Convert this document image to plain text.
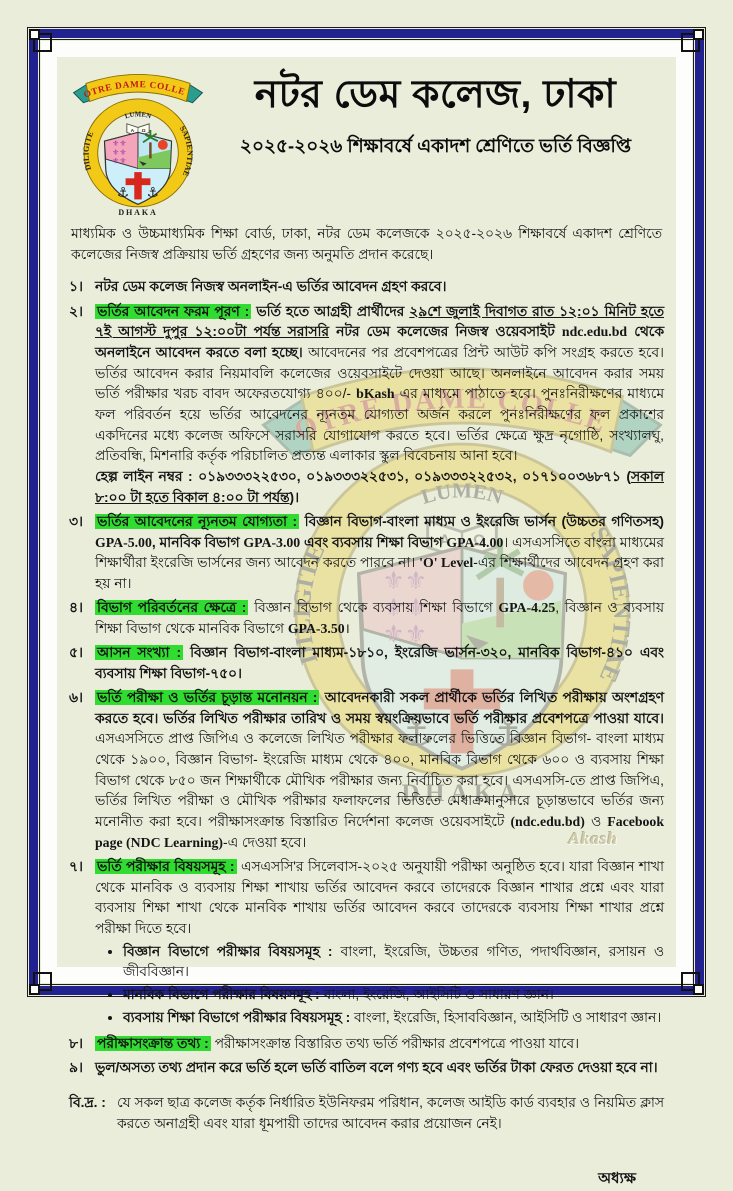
নটর ডেম কলেজ, ঢাকা
২০২৫-২০২৬ শিক্ষাবর্ষে একাদশ শ্রেণিতে ভর্তি বিজ্ঞপ্তি
মাধ্যমিক ও উচ্চমাধ্যমিক শিক্ষা বোর্ড, ঢাকা, নটর ডেম কলেজকে ২০২৫-২০২৬ শিক্ষাবর্ষে একাদশ শ্রেণিতে কলেজের নিজস্ব প্রক্রিয়ায় ভর্তি গ্রহণের জন্য অনুমতি প্রদান করেছে।
১। নটর ডেম কলেজ নিজস্ব অনলাইন-এ ভর্তির আবেদন গ্রহণ করবে।
২।	ভর্তির আবেদন ফরম পূরণ : ভর্তি হতে আগ্রহী প্রার্থীদের ২৯শে জুলাই দিবাগত রাত ১২:০১ মিনিট হতে ৭ই আগস্ট দুপুর ১২:০০টা পর্যন্ত সরাসরি নটর ডেম কলেজের নিজস্ব ওয়েবসাইট ndc.edu.bd থেকে অনলাইনে আবেদন করতে বলা হচ্ছে। আবেদনের পর প্রবেশপত্রের প্রিন্ট আউট কপি সংগ্রহ করতে হবে। ভর্তির আবেদন করার নিয়মাবলি কলেজের ওয়েবসাইটে দেওয়া আছে। অনলাইনে আবেদন করার সময় ভর্তি পরীক্ষার খরচ বাবদ অফেরতযোগ্য ৪০০/- bKash এর মাধ্যমে পাঠাতে হবে। পুনঃনিরীক্ষণের মাধ্যমে ফল পরিবর্তন হয়ে ভর্তির আবেদনের ন্যূনতম যোগ্যতা অর্জন করলে পুনঃনিরীক্ষণের ফল প্রকাশের একদিনের মধ্যে কলেজ অফিসে সরাসরি যোগাযোগ করতে হবে। ভর্তির ক্ষেত্রে ক্ষুদ্র নৃগোষ্ঠি, সংখ্যালঘু, প্রতিবন্ধি, মিশনারি কর্তৃক পরিচালিত প্রত্যন্ত এলাকার স্কুল বিবেচনায় আনা হবে।
হেল্প লাইন নম্বর : ০১৯৩৩৩২২৫৩০, ০১৯৩৩৩২২৫৩১, ০১৯৩৩৩২২৫৩২, ০১৭১০০৩৬৮৭১ (সকাল ৮:০০ টা হতে বিকাল ৪:০০ টা পর্যন্ত)।
৩।	ভর্তির আবেদনের ন্যূনতম যোগ্যতা : বিজ্ঞান বিভাগ-বাংলা মাধ্যম ও ইংরেজি ভার্সন (উচ্চতর গণিতসহ) GPA-5.00, মানবিক বিভাগ GPA-3.00 এবং ব্যবসায় শিক্ষা বিভাগ GPA-4.00। এসএসসিতে বাংলা মাধ্যমের শিক্ষার্থীরা ইংরেজি ভার্সনের জন্য আবেদন করতে পারবে না। 'O' Level-এর শিক্ষার্থীদের আবেদন গ্রহণ করা হয় না।
৪।	বিভাগ পরিবর্তনের ক্ষেত্রে : বিজ্ঞান বিভাগ থেকে ব্যবসায় শিক্ষা বিভাগে GPA-4.25, বিজ্ঞান ও ব্যবসায় শিক্ষা বিভাগ থেকে মানবিক বিভাগে GPA-3.50।
৫।	আসন সংখ্যা : বিজ্ঞান বিভাগ-বাংলা মাধ্যম-১৮১০, ইংরেজি ভার্সন-৩২০, মানবিক বিভাগ-৪১০ এবং ব্যবসায় শিক্ষা বিভাগ-৭৫০।
৬।	ভর্তি পরীক্ষা ও ভর্তির চূড়ান্ত মনোনয়ন : আবেদনকারী সকল প্রার্থীকে ভর্তির লিখিত পরীক্ষায় অংশগ্রহণ করতে হবে। ভর্তির লিখিত পরীক্ষার তারিখ ও সময় স্বয়ংক্রিয়ভাবে ভর্তি পরীক্ষার প্রবেশপত্রে পাওয়া যাবে। এসএসসিতে প্রাপ্ত জিপিএ ও কলেজে লিখিত পরীক্ষার ফলাফলের ভিত্তিতে বিজ্ঞান বিভাগ- বাংলা মাধ্যম থেকে ১৯০০, বিজ্ঞান বিভাগ- ইংরেজি মাধ্যম থেকে ৪০০, মানবিক বিভাগ থেকে ৬০০ ও ব্যবসায় শিক্ষা বিভাগ থেকে ৮৫০ জন শিক্ষার্থীকে মৌখিক পরীক্ষার জন্য নির্বাচিত করা হবে। এসএসসি-তে প্রাপ্ত জিপিএ, ভর্তির লিখিত পরীক্ষা ও মৌখিক পরীক্ষার ফলাফলের ভিত্তিতে মেধাক্রমানুসারে চূড়ান্তভাবে ভর্তির জন্য মনোনীত করা হবে। পরীক্ষাসংক্রান্ত বিস্তারিত নির্দেশনা কলেজ ওয়েবসাইটে (ndc.edu.bd) ও Facebook page (NDC Learning)-এ দেওয়া হবে।
৭।	ভর্তি পরীক্ষার বিষয়সমূহ : এসএসসি'র সিলেবাস-২০২৫ অনুযায়ী পরীক্ষা অনুষ্ঠিত হবে। যারা বিজ্ঞান শাখা থেকে মানবিক ও ব্যবসায় শিক্ষা শাখায় ভর্তির আবেদন করবে তাদেরকে বিজ্ঞান শাখার প্রশ্নে এবং যারা ব্যবসায় শিক্ষা শাখা থেকে মানবিক শাখায় ভর্তির আবেদন করবে তাদেরকে ব্যবসায় শিক্ষা শাখার প্রশ্নে পরীক্ষা দিতে হবে।
• বিজ্ঞান বিভাগে পরীক্ষার বিষয়সমূহ : বাংলা, ইংরেজি, উচ্চতর গণিত, পদার্থবিজ্ঞান, রসায়ন ও জীববিজ্ঞান।
• মানবিক বিভাগে পরীক্ষার বিষয়সমূহ : বাংলা, ইংরেজি, আইসিটি ও সাধারণ জ্ঞান।
• ব্যবসায় শিক্ষা বিভাগে পরীক্ষার বিষয়সমূহ : বাংলা, ইংরেজি, হিসাববিজ্ঞান, আইসিটি ও সাধারণ জ্ঞান।
৮।	পরীক্ষাসংক্রান্ত তথ্য : পরীক্ষাসংক্রান্ত বিস্তারিত তথ্য ভর্তি পরীক্ষার প্রবেশপত্রে পাওয়া যাবে।
৯। ভুল/অসত্য তথ্য প্রদান করে ভর্তি হলে ভর্তি বাতিল বলে গণ্য হবে এবং ভর্তির টাকা ফেরত দেওয়া হবে না।
বি.দ্র. : যে সকল ছাত্র কলেজ কর্তৃক নির্ধারিত ইউনিফরম পরিধান, কলেজ আইডি কার্ড ব্যবহার ও নিয়মিত ক্লাস করতে অনাগ্রহী এবং যারা ধূমপায়ী তাদের আবেদন করার প্রয়োজন নেই।
অধ্যক্ষ
Akash
